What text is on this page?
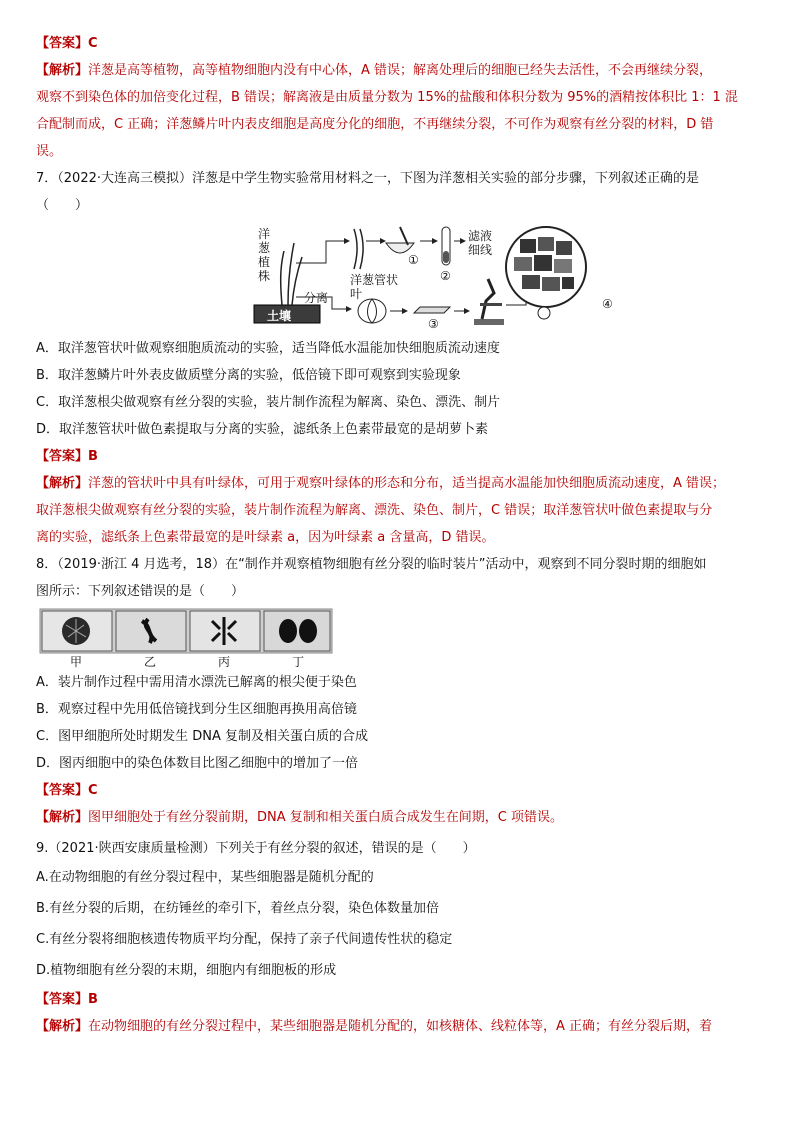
【答案】C
【解析】洋葱是高等植物，高等植物细胞内没有中心体，A 错误；解离处理后的细胞已经失去活性，不会再继续分裂，
观察不到染色体的加倍变化过程，B 错误；解离液是由质量分数为 15%的盐酸和体积分数为 95%的酒精按体积比 1：1 混
合配制而成，C 正确；洋葱鳞片叶内表皮细胞是高度分化的细胞，不再继续分裂，不可作为观察有丝分裂的材料，D 错
误。
7．（2022·大连高三模拟）洋葱是中学生物实验常用材料之一，下图为洋葱相关实验的部分步骤，下列叙述正确的是
（　　）
洋葱植株
土壤
分离
洋葱管状叶
滤液细线
①
②
③
④
A．取洋葱管状叶做观察细胞质流动的实验，适当降低水温能加快细胞质流动速度
B．取洋葱鳞片叶外表皮做质壁分离的实验，低倍镜下即可观察到实验现象
C．取洋葱根尖做观察有丝分裂的实验，装片制作流程为解离、染色、漂洗、制片
D．取洋葱管状叶做色素提取与分离的实验，滤纸条上色素带最宽的是胡萝卜素
【答案】B
【解析】洋葱的管状叶中具有叶绿体，可用于观察叶绿体的形态和分布，适当提高水温能加快细胞质流动速度，A 错误；
取洋葱根尖做观察有丝分裂的实验，装片制作流程为解离、漂洗、染色、制片，C 错误；取洋葱管状叶做色素提取与分
离的实验，滤纸条上色素带最宽的是叶绿素 a，因为叶绿素 a 含量高，D 错误。
8．（2019·浙江 4 月选考，18）在“制作并观察植物细胞有丝分裂的临时装片”活动中，观察到不同分裂时期的细胞如
图所示：下列叙述错误的是（　　）
甲	乙	丙	丁
A．装片制作过程中需用清水漂洗已解离的根尖便于染色
B．观察过程中先用低倍镜找到分生区细胞再换用高倍镜
C．图甲细胞所处时期发生 DNA 复制及相关蛋白质的合成
D．图丙细胞中的染色体数目比图乙细胞中的增加了一倍
【答案】C
【解析】图甲细胞处于有丝分裂前期，DNA 复制和相关蛋白质合成发生在间期，C 项错误。
9.（2021·陕西安康质量检测）下列关于有丝分裂的叙述，错误的是（　　）
A.在动物细胞的有丝分裂过程中，某些细胞器是随机分配的
B.有丝分裂的后期，在纺锤丝的牵引下，着丝点分裂，染色体数量加倍
C.有丝分裂将细胞核遗传物质平均分配，保持了亲子代间遗传性状的稳定
D.植物细胞有丝分裂的末期，细胞内有细胞板的形成
【答案】B
【解析】在动物细胞的有丝分裂过程中，某些细胞器是随机分配的，如核糖体、线粒体等，A 正确；有丝分裂后期，着
